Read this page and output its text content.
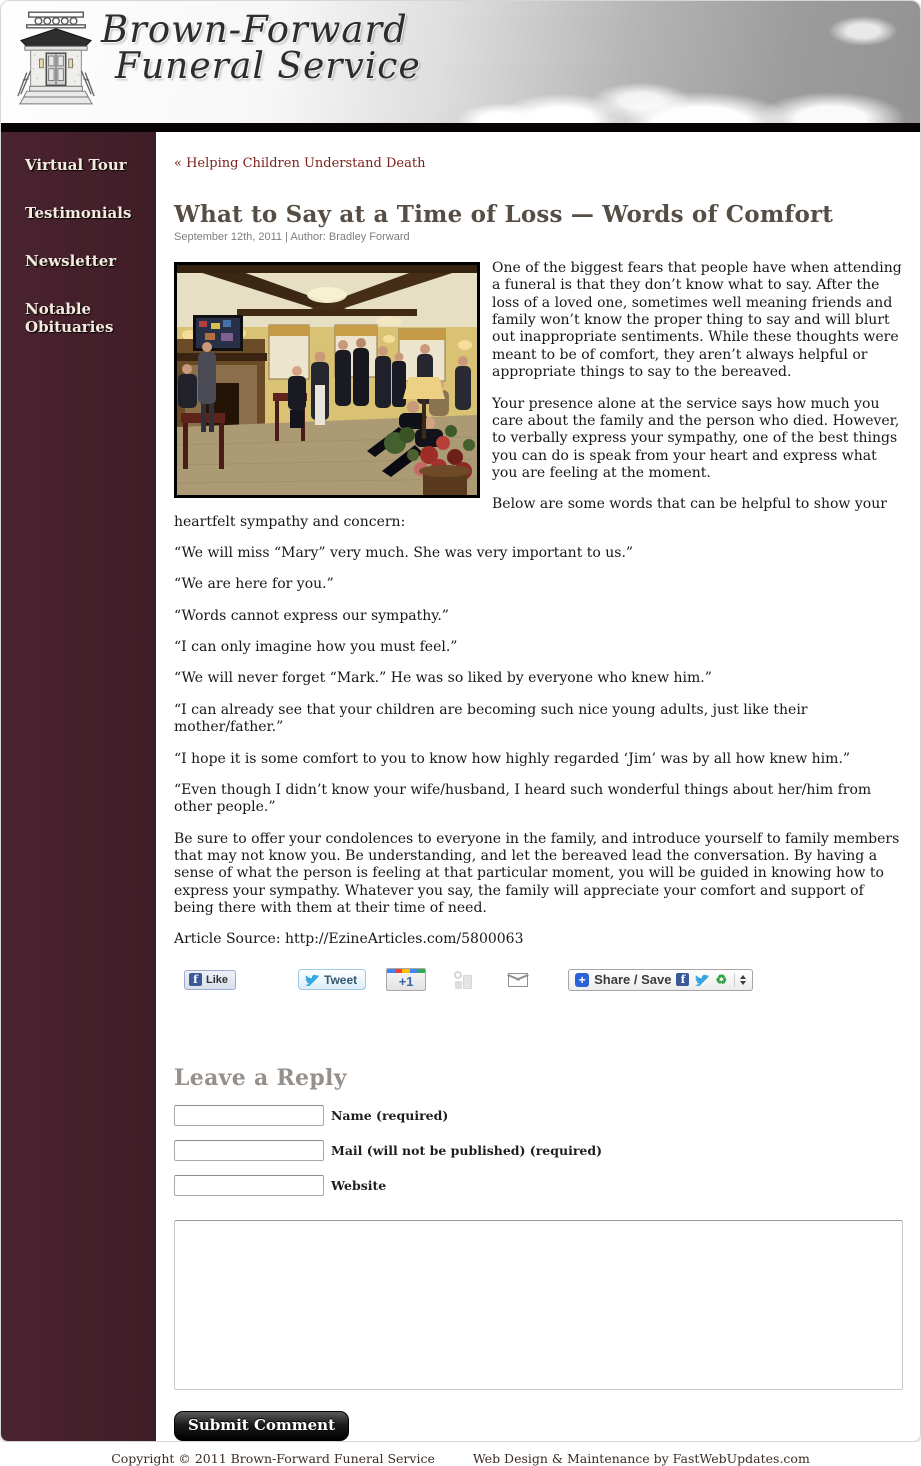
Brown-Forward
Funeral Service
Virtual Tour
Testimonials
Newsletter
Notable Obituaries
« Helping Children Understand Death
What to Say at a Time of Loss — Words of Comfort
September 12th, 2011 | Author: Bradley Forward

One of the biggest fears that people have when attending a funeral is that they don’t know what to say. After the loss of a loved one, sometimes well meaning friends and family won’t know the proper thing to say and will blurt out inappropriate sentiments. While these thoughts were meant to be of comfort, they aren’t always helpful or appropriate things to say to the bereaved.

Your presence alone at the service says how much you care about the family and the person who died. However, to verbally express your sympathy, one of the best things you can do is speak from your heart and express what you are feeling at the moment.

Below are some words that can be helpful to show your heartfelt sympathy and concern:

“We will miss “Mary” very much. She was very important to us.”

“We are here for you.”

“Words cannot express our sympathy.”

“I can only imagine how you must feel.”

“We will never forget “Mark.” He was so liked by everyone who knew him.”

“I can already see that your children are becoming such nice young adults, just like their mother/father.”

“I hope it is some comfort to you to know how highly regarded ‘Jim’ was by all how knew him.”

“Even though I didn’t know your wife/husband, I heard such wonderful things about her/him from other people.”

Be sure to offer your condolences to everyone in the family, and introduce yourself to family members that may not know you. Be understanding, and let the bereaved lead the conversation. By having a sense of what the person is feeling at that particular moment, you will be guided in knowing how to express your sympathy. Whatever you say, the family will appreciate your comfort and support of being there with them at their time of need.

Article Source: http://EzineArticles.com/5800063

f Like	Tweet	+1	+ Share / Save f	♻
Leave a Reply
Name (required)
Mail (will not be published) (required)
Website
Submit Comment
Copyright © 2011 Brown-Forward Funeral Service	Web Design & Maintenance by FastWebUpdates.com
